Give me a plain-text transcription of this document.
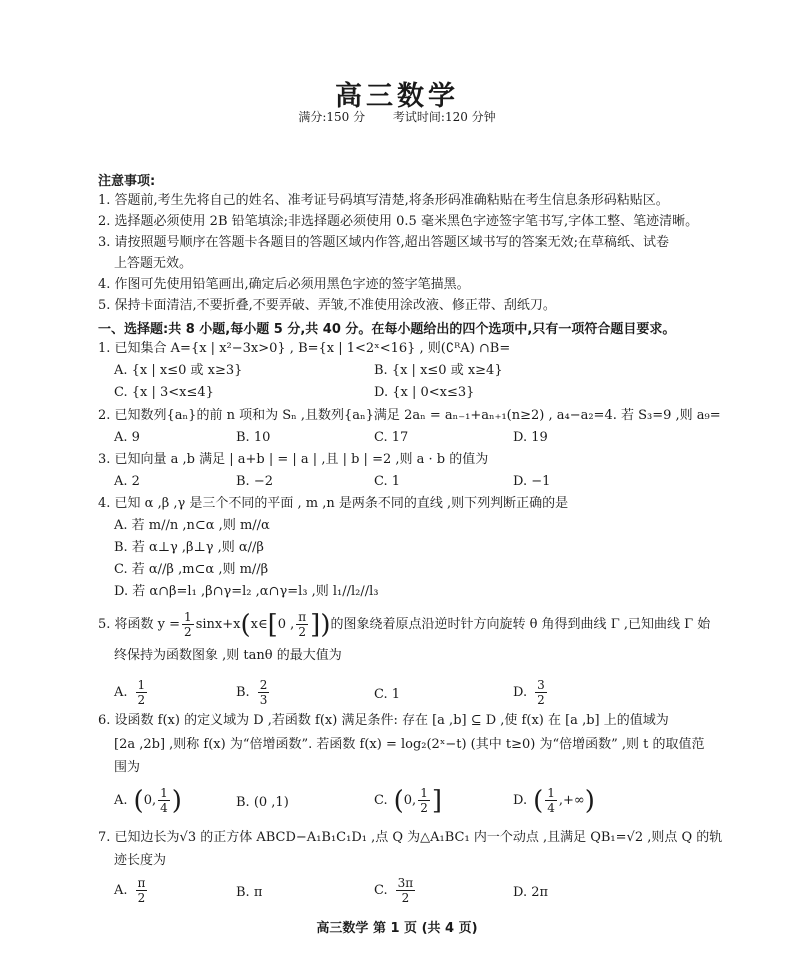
高三数学
满分:150 分 考试时间:120 分钟
注意事项:
1. 答题前,考生先将自己的姓名、准考证号码填写清楚,将条形码准确粘贴在考生信息条形码粘贴区。
2. 选择题必须使用 2B 铅笔填涂;非选择题必须使用 0.5 毫米黑色字迹签字笔书写,字体工整、笔迹清晰。
3. 请按照题号顺序在答题卡各题目的答题区域内作答,超出答题区域书写的答案无效;在草稿纸、试卷
上答题无效。
4. 作图可先使用铅笔画出,确定后必须用黑色字迹的签字笔描黑。
5. 保持卡面清洁,不要折叠,不要弄破、弄皱,不准使用涂改液、修正带、刮纸刀。
一、选择题:共 8 小题,每小题 5 分,共 40 分。在每小题给出的四个选项中,只有一项符合题目要求。
1. 已知集合 A={x | x²−3x>0} , B={x | 1<2ˣ<16} , 则(∁ᴿA) ∩B=
A. {x | x≤0 或 x≥3}	B. {x | x≤0 或 x≥4}
C. {x | 3<x≤4}	D. {x | 0<x≤3}
2. 已知数列{aₙ}的前 n 项和为 Sₙ ,且数列{aₙ}满足 2aₙ = aₙ₋₁+aₙ₊₁(n≥2) , a₄−a₂=4. 若 S₃=9 ,则 a₉=
A. 9	B. 10	C. 17	D. 19
3. 已知向量 a ,b 满足 | a+b | = | a | ,且 | b | =2 ,则 a · b 的值为
A. 2	B. −2	C. 1	D. −1
4. 已知 α ,β ,γ 是三个不同的平面 , m ,n 是两条不同的直线 ,则下列判断正确的是
A. 若 m//n ,n⊂α ,则 m//α
B. 若 α⊥γ ,β⊥γ ,则 α//β
C. 若 α//β ,m⊂α ,则 m//β
D. 若 α∩β=l₁ ,β∩γ=l₂ ,α∩γ=l₃ ,则 l₁//l₂//l₃
5. 将函数 $y = \frac{1}{2} \sin x+x$ ( x∈ [ 0 , $\frac{\pi}{2}$ ]) 的图象绕着原点沿逆时针方向旋转 θ 角得到曲线 Γ ,已知曲线 Γ 始
终保持为函数图象 ,则 tanθ 的最大值为
A. $\frac{1}{2}$	B. $\frac{2}{3}$	C. 1	D. $\frac{3}{2}$
6. 设函数 f(x) 的定义域为 D ,若函数 f(x) 满足条件: 存在 [a ,b] ⊆ D ,使 f(x) 在 [a ,b] 上的值域为
[2a ,2b] ,则称 f(x) 为“倍增函数”. 若函数 f(x) = log₂(2ˣ−t) (其中 t≥0) 为“倍增函数” ,则 t 的取值范
围为
A. ( 0, $\frac{1}{4}$ )	B. (0 ,1)	C. ( 0, $\frac{1}{2}$ ]	D. ( $\frac{1}{4}$ ,+∞ )
7. 已知边长为√3 的正方体 ABCD−A₁B₁C₁D₁ ,点 Q 为△A₁BC₁ 内一个动点 ,且满足 QB₁=√2 ,则点 Q 的轨
迹长度为
A. $\frac{\pi}{2}$	B. π	C. $\frac{3\pi}{2}$	D. 2π
高三数学 第 1 页 (共 4 页)
